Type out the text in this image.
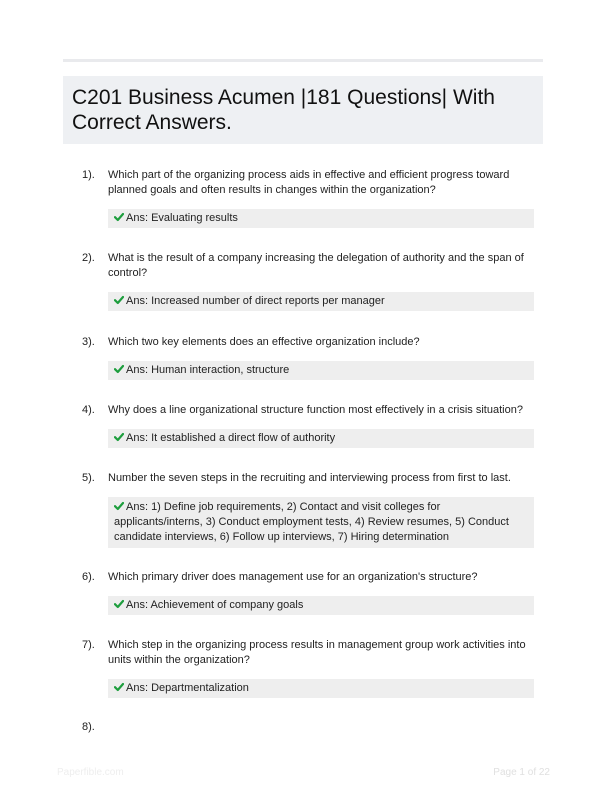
C201 Business Acumen |181 Questions| With Correct Answers.
1). Which part of the organizing process aids in effective and efficient progress toward planned goals and often results in changes within the organization?
Ans: Evaluating results
2). What is the result of a company increasing the delegation of authority and the span of control?
Ans: Increased number of direct reports per manager
3). Which two key elements does an effective organization include?
Ans: Human interaction, structure
4). Why does a line organizational structure function most effectively in a crisis situation?
Ans: It established a direct flow of authority
5). Number the seven steps in the recruiting and interviewing process from first to last.
Ans: 1) Define job requirements, 2) Contact and visit colleges for applicants/interns, 3) Conduct employment tests, 4) Review resumes, 5) Conduct candidate interviews, 6) Follow up interviews, 7) Hiring determination
6). Which primary driver does management use for an organization's structure?
Ans: Achievement of company goals
7). Which step in the organizing process results in management group work activities into units within the organization?
Ans: Departmentalization
8).
Paperfible.com	Page 1 of 22
